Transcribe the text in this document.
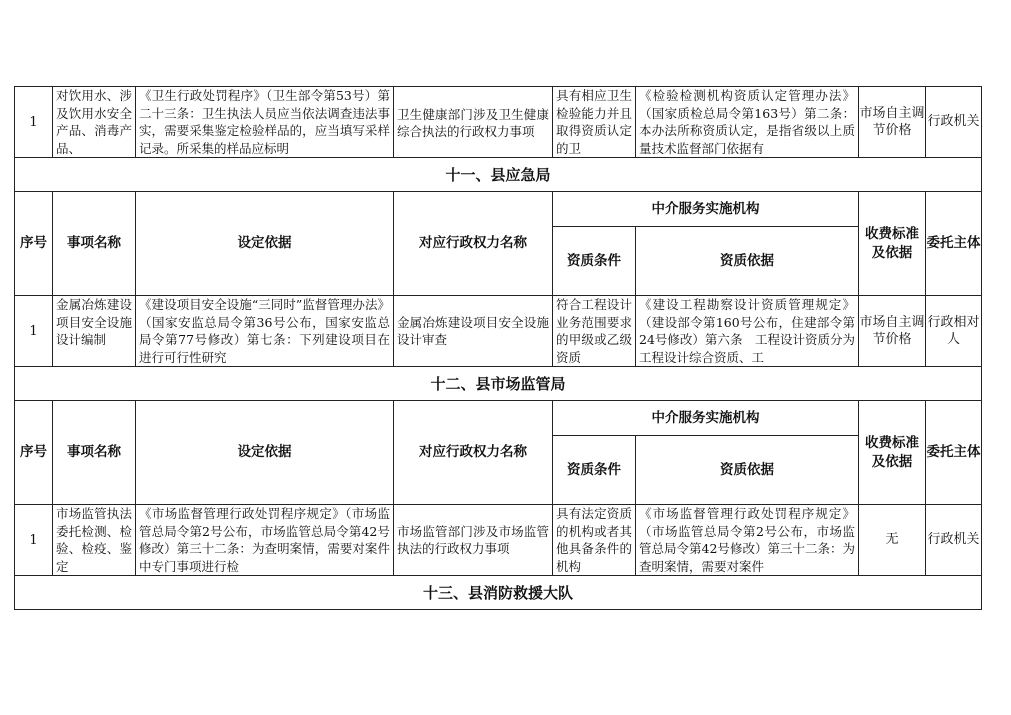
1	对饮用水、涉及饮用水安全产品、消毒产品、	《卫生行政处罚程序》（卫生部令第53号）第二十三条：卫生执法人员应当依法调查违法事实，需要采集鉴定检验样品的，应当填写采样记录。所采集的样品应标明	卫生健康部门涉及卫生健康综合执法的行政权力事项	具有相应卫生检验能力并且取得资质认定的卫	《检验检测机构资质认定管理办法》（国家质检总局令第163号）第二条：本办法所称资质认定，是指省级以上质量技术监督部门依据有	市场自主调节价格	行政机关
十一、县应急局							
序号	事项名称	设定依据	对应行政权力名称	中介服务实施机构		收费标准及依据	委托主体
				资质条件	资质依据		
1	金属冶炼建设项目安全设施设计编制	《建设项目安全设施“三同时”监督管理办法》（国家安监总局令第36号公布，国家安监总局令第77号修改）第七条：下列建设项目在进行可行性研究	金属冶炼建设项目安全设施设计审查	符合工程设计业务范围要求的甲级或乙级资质	《建设工程勘察设计资质管理规定》（建设部令第160号公布，住建部令第24号修改）第六条　工程设计资质分为工程设计综合资质、工	市场自主调节价格	行政相对人
十二、县市场监管局							
序号	事项名称	设定依据	对应行政权力名称	中介服务实施机构		收费标准及依据	委托主体
				资质条件	资质依据		
1	市场监管执法委托检测、检验、检疫、鉴定	《市场监督管理行政处罚程序规定》（市场监管总局令第2号公布，市场监管总局令第42号修改）第三十二条：为查明案情，需要对案件中专门事项进行检	市场监管部门涉及市场监管执法的行政权力事项	具有法定资质的机构或者其他具备条件的机构	《市场监督管理行政处罚程序规定》（市场监管总局令第2号公布，市场监管总局令第42号修改）第三十二条：为查明案情，需要对案件	无	行政机关
十三、县消防救援大队							
